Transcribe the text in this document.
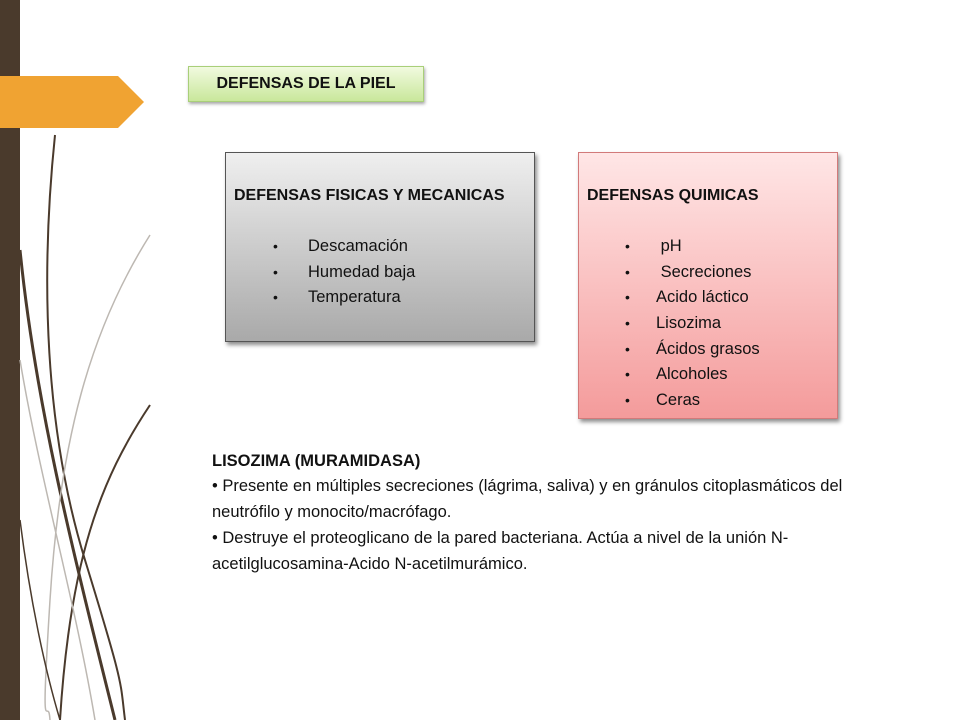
DEFENSAS DE LA PIEL
DEFENSAS FISICAS Y MECANICAS
• Descamación
• Humedad baja
• Temperatura
DEFENSAS QUIMICAS
• pH
• Secreciones
• Acido láctico
• Lisozima
• Ácidos grasos
• Alcoholes
• Ceras
LISOZIMA (MURAMIDASA)
• Presente en múltiples secreciones (lágrima, saliva) y en gránulos citoplasmáticos del neutrófilo y monocito/macrófago.
• Destruye el proteoglicano de la pared bacteriana. Actúa a nivel de la unión N-acetilglucosamina-Acido N-acetilmurámico.
